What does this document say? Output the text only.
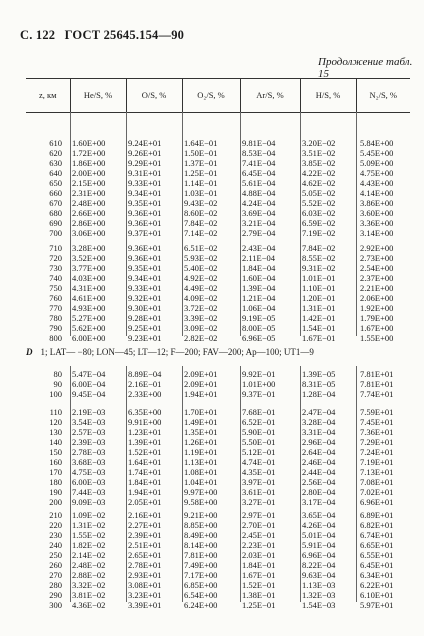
С. 122 ГОСТ 25645.154—90
Продолжение табл. 15
z, км	He/S, %	O/S, %	O₂/S, %	Ar/S, %	H/S, %	N₂/S, %
610	1.60E+00	9.24E+01	1.64E−01	9.81E−04	3.20E−02	5.84E+00
620	1.72E+00	9.26E+01	1.50E−01	8.53E−04	3.51E−02	5.45E+00
630	1.86E+00	9.29E+01	1.37E−01	7.41E−04	3.85E−02	5.09E+00
640	2.00E+00	9.31E+01	1.25E−01	6.45E−04	4.22E−02	4.75E+00
650	2.15E+00	9.33E+01	1.14E−01	5.61E−04	4.62E−02	4.43E+00
660	2.31E+00	9.34E+01	1.03E−01	4.88E−04	5.05E−02	4.14E+00
670	2.48E+00	9.35E+01	9.43E−02	4.24E−04	5.52E−02	3.86E+00
680	2.66E+00	9.36E+01	8.60E−02	3.69E−04	6.03E−02	3.60E+00
690	2.86E+00	9.36E+01	7.84E−02	3.21E−04	6.59E−02	3.36E+00
700	3.06E+00	9.37E+01	7.14E−02	2.79E−04	7.19E−02	3.14E+00
710	3.28E+00	9.36E+01	6.51E−02	2.43E−04	7.84E−02	2.92E+00
720	3.52E+00	9.36E+01	5.93E−02	2.11E−04	8.55E−02	2.73E+00
730	3.77E+00	9.35E+01	5.40E−02	1.84E−04	9.31E−02	2.54E+00
740	4.03E+00	9.34E+01	4.92E−02	1.60E−04	1.01E−01	2.37E+00
750	4.31E+00	9.33E+01	4.49E−02	1.39E−04	1.10E−01	2.21E+00
760	4.61E+00	9.32E+01	4.09E−02	1.21E−04	1.20E−01	2.06E+00
770	4.93E+00	9.30E+01	3.72E−02	1.06E−04	1.31E−01	1.92E+00
780	5.27E+00	9.28E+01	3.39E−02	9.19E−05	1.42E−01	1.79E+00
790	5.62E+00	9.25E+01	3.09E−02	8.00E−05	1.54E−01	1.67E+00
800	6.00E+00	9.23E+01	2.82E−02	6.96E−05	1.67E−01	1.55E+00
D 1; LAT— −80; LON—45; LT—12; F—200; FAV—200; Ap—100; UT1—9
80	5.47E−04	8.89E−04	2.09E+01	9.92E−01	1.39E−05	7.81E+01
90	6.00E−04	2.16E−01	2.09E+01	1.01E+00	8.31E−05	7.81E+01
100	9.45E−04	2.33E+00	1.94E+01	9.37E−01	1.28E−04	7.74E+01
110	2.19E−03	6.35E+00	1.70E+01	7.68E−01	2.47E−04	7.59E+01
120	3.54E−03	9.91E+00	1.49E+01	6.52E−01	3.28E−04	7.45E+01
130	2.57E−03	1.23E+01	1.35E+01	5.90E−01	3.31E−04	7.36E+01
140	2.39E−03	1.39E+01	1.26E+01	5.50E−01	2.96E−04	7.29E+01
150	2.78E−03	1.52E+01	1.19E+01	5.12E−01	2.64E−04	7.24E+01
160	3.68E−03	1.64E+01	1.13E+01	4.74E−01	2.46E−04	7.19E+01
170	4.75E−03	1.74E+01	1.08E+01	4.35E−01	2.44E−04	7.13E+01
180	6.00E−03	1.84E+01	1.04E+01	3.97E−01	2.56E−04	7.08E+01
190	7.44E−03	1.94E+01	9.97E+00	3.61E−01	2.80E−04	7.02E+01
200	9.09E−03	2.05E+01	9.58E+00	3.27E−01	3.17E−04	6.96E+01
210	1.09E−02	2.16E+01	9.21E+00	2.97E−01	3.65E−04	6.89E+01
220	1.31E−02	2.27E+01	8.85E+00	2.70E−01	4.26E−04	6.82E+01
230	1.55E−02	2.39E+01	8.49E+00	2.45E−01	5.01E−04	6.74E+01
240	1.82E−02	2.51E+01	8.14E+00	2.23E−01	5.91E−04	6.65E+01
250	2.14E−02	2.65E+01	7.81E+00	2.03E−01	6.96E−04	6.55E+01
260	2.48E−02	2.78E+01	7.49E+00	1.84E−01	8.22E−04	6.45E+01
270	2.88E−02	2.93E+01	7.17E+00	1.67E−01	9.63E−04	6.34E+01
280	3.32E−02	3.08E+01	6.85E+00	1.52E−01	1.13E−03	6.22E+01
290	3.81E−02	3.23E+01	6.54E+00	1.38E−01	1.32E−03	6.10E+01
300	4.36E−02	3.39E+01	6.24E+00	1.25E−01	1.54E−03	5.97E+01
